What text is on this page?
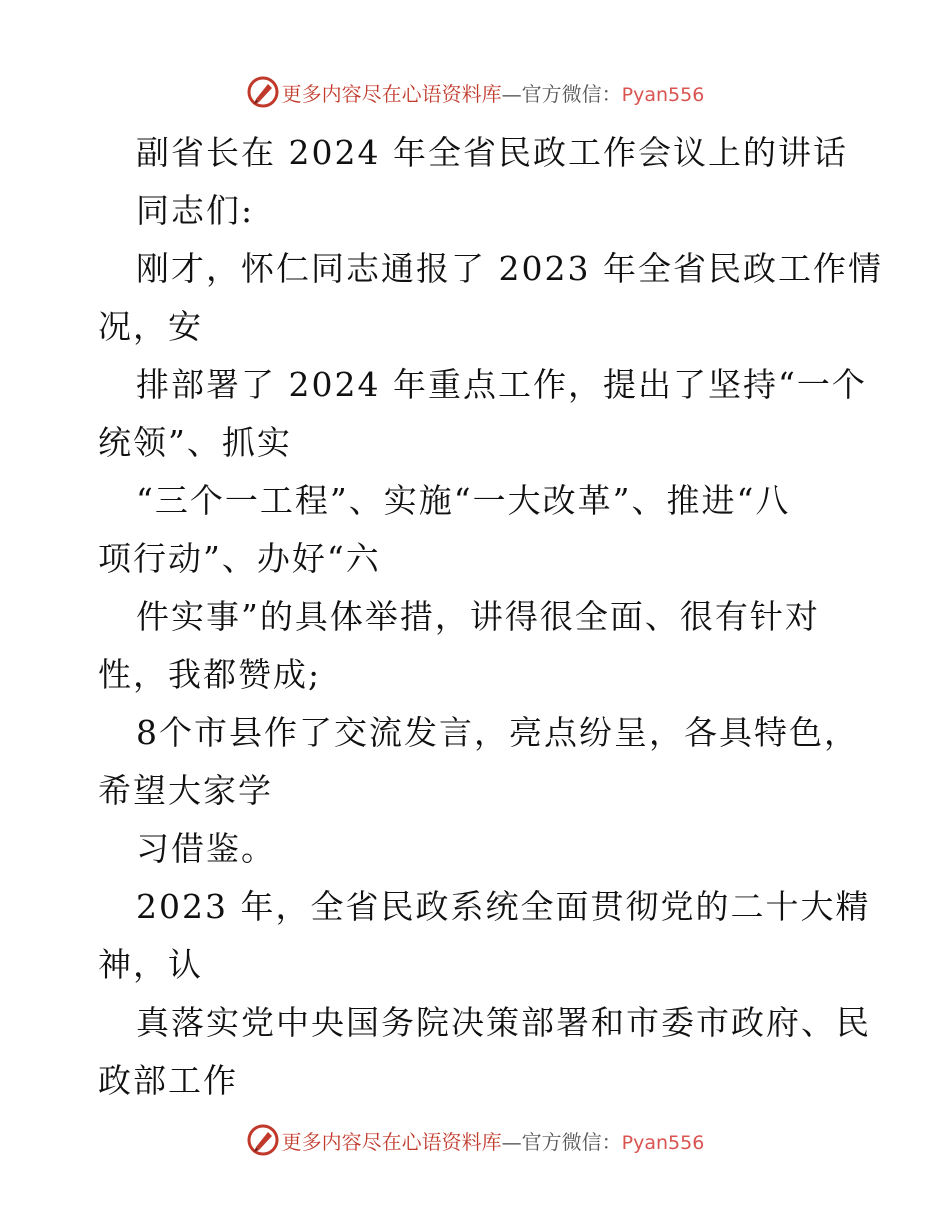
更多内容尽在心语资料库—官方微信：Pyan556
副省长在 2024 年全省民政工作会议上的讲话
同志们:
刚才，怀仁同志通报了 2023 年全省民政工作情
况，安
排部署了 2024 年重点工作，提出了坚持“一个
统领”、抓实
“三个一工程”、实施“一大改革”、推进“八
项行动”、办好“六
件实事”的具体举措，讲得很全面、很有针对
性，我都赞成;
8个市县作了交流发言，亮点纷呈，各具特色，
希望大家学
习借鉴。
2023 年，全省民政系统全面贯彻党的二十大精
神，认
真落实党中央国务院决策部署和市委市政府、民
政部工作
更多内容尽在心语资料库—官方微信：Pyan556
